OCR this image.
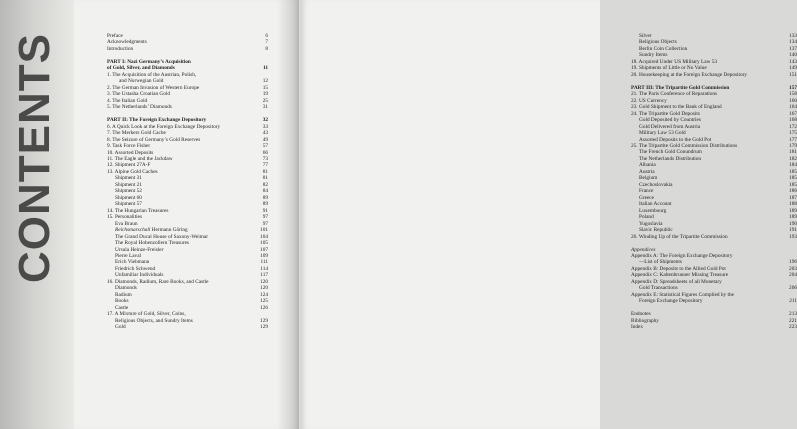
CONTENTS	Preface	6
Acknowledgments	7
Introduction	8
PART I: Nazi Germany’s Acquisition
of Gold, Silver, and Diamonds	11
1. The Acquisition of the Austrian, Polish,
and Norwegian Gold	12
2. The German Invasion of Western Europe	15
3. The Ustasha Croatian Gold	19
4. The Italian Gold	25
5. The Netherlands’ Diamonds	31
PART II: The Foreign Exchange Depository	32
6. A Quick Look at the Foreign Exchange Depository	33
7. The Merkers Gold Cache	43
8. The Seizure of Germany’s Gold Reserves	49
9. Task Force Fisher	57
10. Assorted Deposits	66
11. The Eagle and the Jackdaw	73
12. Shipment 27A-F	77
13. Alpine Gold Caches	81
Shipment 31	81
Shipment 21	82
Shipment 52	84
Shipment 60	89
Shipment 57	89
14. The Hungarian Treasures	91
15. Personalities	97
Eva Braun	97
Reichsmarschall Hermann Göring	101
The Grand Ducal House of Saxony-Weimar	104
The Royal Hohenzollern Treasures	105
Ursula Heinze-Freisler	107
Pierre Laval	109
Erich Viebmann	111
Friedrich Schwend	114
Unfamiliar Individuals	117
16. Diamonds, Radium, Rare Books, and Castle	120
Diamonds	120
Radium	124
Books	125
Castle	126
17. A Mixture of Gold, Silver, Coins,
Religious Objects, and Sundry Items	129
Gold	129
Silver	133
Religious Objects	134
Berlin Coin Collection	137
Sundry Items	140
18. Acquired Under US Military Law 53	143
19. Shipments of Little or No Value	149
20. Housekeeping at the Foreign Exchange Depository	151
PART III: The Tripartite Gold Commission	157
21. The Paris Conference of Reparations	158
22. US Currency	160
23. Gold Shipment to the Bank of England	164
24. The Tripartite Gold Deposits	167
Gold Deposited by Countries	168
Gold Delivered from Austria	172
Military Law 53 Gold	175
Assorted Deposits to the Gold Pot	177
25. The Tripartite Gold Commission Distributions	179
The French Gold Conundrum	181
The Netherlands Distribution	182
Albania	184
Austria	185
Belgium	185
Czechoslovakia	185
France	186
Greece	187
Italian Account	188
Luxembourg	189
Poland	189
Yugoslavia	190
Slavic Republic	191
26. Winding Up of the Tripartite Commission	193
Appendices
Appendix A: The Foreign Exchange Depository
—List of Shipments	196
Appendix B: Deposits to the Allied Gold Pot	203
Appendix C: Kaltenbrunner Missing Treasure	204
Appendix D: Spreadsheets of all Monetary
Gold Transactions	206
Appendix E: Statistical Figures Complied by the
Foreign Exchange Depository	211
Endnotes	213
Bibliography	221
Index	223
